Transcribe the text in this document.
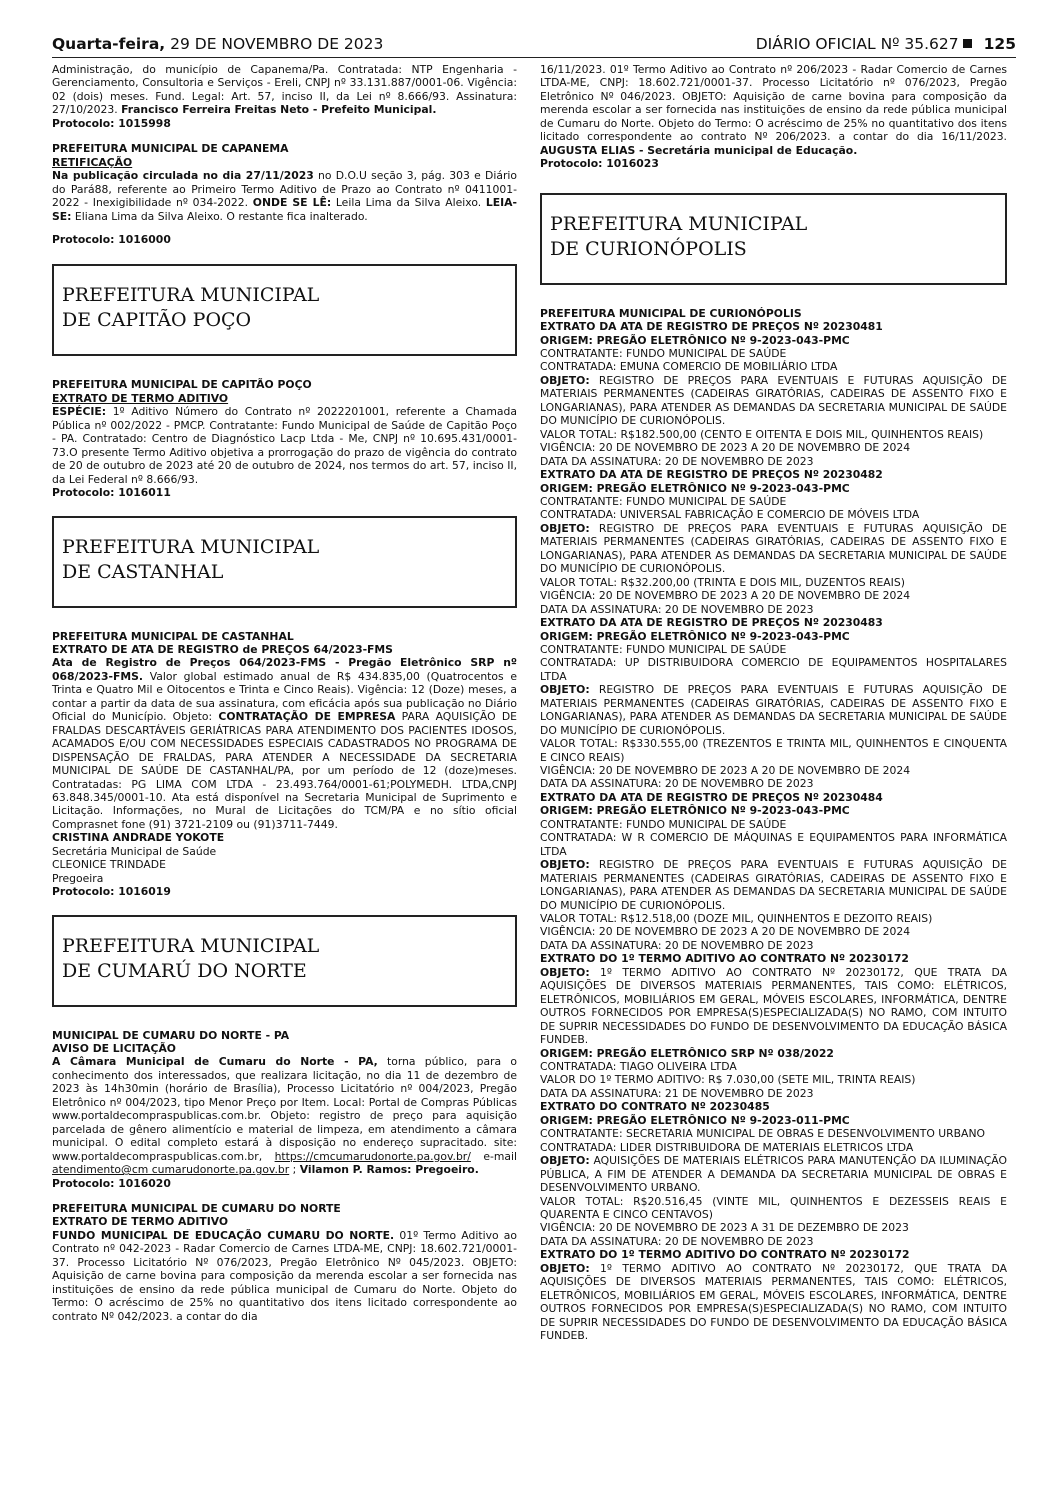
Quarta-feira, 29 DE NOVEMBRO DE 2023	DIÁRIO OFICIAL Nº 35.627 125

Administração, do município de Capanema/Pa. Contratada: NTP Engenharia - Gerenciamento, Consultoria e Serviços - Ereli, CNPJ nº 33.131.887/0001-06. Vigência: 02 (dois) meses. Fund. Legal: Art. 57, inciso II, da Lei nº 8.666/93. Assinatura: 27/10/2023. Francisco Ferreira Freitas Neto - Prefeito Municipal.

Protocolo: 1015998

PREFEITURA MUNICIPAL DE CAPANEMA

RETIFICAÇÃO

Na publicação circulada no dia 27/11/2023 no D.O.U seção 3, pág. 303 e Diário do Pará88, referente ao Primeiro Termo Aditivo de Prazo ao Contrato nº 0411001-2022 - Inexigibilidade nº 034-2022. ONDE SE LÊ: Leila Lima da Silva Aleixo. LEIA-SE: Eliana Lima da Silva Aleixo. O restante fica inalterado.

Protocolo: 1016000

PREFEITURA MUNICIPAL
DE CAPITÃO POÇO

PREFEITURA MUNICIPAL DE CAPITÃO POÇO

EXTRATO DE TERMO ADITIVO

ESPÉCIE: 1º Aditivo Número do Contrato nº 2022201001, referente a Chamada Pública nº 002/2022 - PMCP. Contratante: Fundo Municipal de Saúde de Capitão Poço - PA. Contratado: Centro de Diagnóstico Lacp Ltda - Me, CNPJ nº 10.695.431/0001-73.O presente Termo Aditivo objetiva a prorrogação do prazo de vigência do contrato de 20 de outubro de 2023 até 20 de outubro de 2024, nos termos do art. 57, inciso II, da Lei Federal nº 8.666/93.

Protocolo: 1016011

PREFEITURA MUNICIPAL
DE CASTANHAL

PREFEITURA MUNICIPAL DE CASTANHAL

EXTRATO DE ATA DE REGISTRO de PREÇOS 64/2023-FMS

Ata de Registro de Preços 064/2023-FMS - Pregão Eletrônico SRP nº 068/2023-FMS. Valor global estimado anual de R$ 434.835,00 (Quatrocentos e Trinta e Quatro Mil e Oitocentos e Trinta e Cinco Reais). Vigência: 12 (Doze) meses, a contar a partir da data de sua assinatura, com eficácia após sua publicação no Diário Oficial do Município. Objeto: CONTRATAÇÃO DE EMPRESA PARA AQUISIÇÃO DE FRALDAS DESCARTÁVEIS GERIÁTRICAS PARA ATENDIMENTO DOS PACIENTES IDOSOS, ACAMADOS E/OU COM NECESSIDADES ESPECIAIS CADASTRADOS NO PROGRAMA DE DISPENSAÇÃO DE FRALDAS, PARA ATENDER A NECESSIDADE DA SECRETARIA MUNICIPAL DE SAÚDE DE CASTANHAL/PA, por um período de 12 (doze)meses. Contratadas: PG LIMA COM LTDA - 23.493.764/0001-61;POLYMEDH. LTDA,CNPJ 63.848.345/0001-10. Ata está disponível na Secretaria Municipal de Suprimento e Licitação. Informações, no Mural de Licitações do TCM/PA e no sítio oficial Comprasnet fone (91) 3721-2109 ou (91)3711-7449.

CRISTINA ANDRADE YOKOTE

Secretária Municipal de Saúde

CLEONICE TRINDADE

Pregoeira

Protocolo: 1016019

PREFEITURA MUNICIPAL
DE CUMARÚ DO NORTE

MUNICIPAL DE CUMARU DO NORTE - PA

AVISO DE LICITAÇÃO

A Câmara Municipal de Cumaru do Norte - PA, torna público, para o conhecimento dos interessados, que realizara licitação, no dia 11 de dezembro de 2023 às 14h30min (horário de Brasília), Processo Licitatório nº 004/2023, Pregão Eletrônico nº 004/2023, tipo Menor Preço por Item. Local: Portal de Compras Públicas www.portaldecompraspublicas.com.br. Objeto: registro de preço para aquisição parcelada de gênero alimentício e material de limpeza, em atendimento a câmara municipal. O edital completo estará à disposição no endereço supracitado. site: www.portaldecompraspublicas.com.br, https://cmcumarudonorte.pa.gov.br/ e-mail atendimento@cm cumarudonorte.pa.gov.br ; Vilamon P. Ramos: Pregoeiro.

Protocolo: 1016020

PREFEITURA MUNICIPAL DE CUMARU DO NORTE

EXTRATO DE TERMO ADITIVO

FUNDO MUNICIPAL DE EDUCAÇÃO CUMARU DO NORTE. 01º Termo Aditivo ao Contrato nº 042-2023 - Radar Comercio de Carnes LTDA-ME, CNPJ: 18.602.721/0001-37. Processo Licitatório Nº 076/2023, Pregão Eletrônico Nº 045/2023. OBJETO: Aquisição de carne bovina para composição da merenda escolar a ser fornecida nas instituições de ensino da rede pública municipal de Cumaru do Norte. Objeto do Termo: O acréscimo de 25% no quantitativo dos itens licitado correspondente ao contrato Nº 042/2023. a contar do dia

16/11/2023. 01º Termo Aditivo ao Contrato nº 206/2023 - Radar Comercio de Carnes LTDA-ME, CNPJ: 18.602.721/0001-37. Processo Licitatório nº 076/2023, Pregão Eletrônico Nº 046/2023. OBJETO: Aquisição de carne bovina para composição da merenda escolar a ser fornecida nas instituições de ensino da rede pública municipal de Cumaru do Norte. Objeto do Termo: O acréscimo de 25% no quantitativo dos itens licitado correspondente ao contrato Nº 206/2023. a contar do dia 16/11/2023. AUGUSTA ELIAS - Secretária municipal de Educação.

Protocolo: 1016023

PREFEITURA MUNICIPAL
DE CURIONÓPOLIS

PREFEITURA MUNICIPAL DE CURIONÓPOLIS

EXTRATO DA ATA DE REGISTRO DE PREÇOS Nº 20230481

ORIGEM: PREGÃO ELETRÔNICO Nº 9-2023-043-PMC

CONTRATANTE: FUNDO MUNICIPAL DE SAÚDE

CONTRATADA: EMUNA COMERCIO DE MOBILIÁRIO LTDA

OBJETO: REGISTRO DE PREÇOS PARA EVENTUAIS E FUTURAS AQUISIÇÃO DE MATERIAIS PERMANENTES (CADEIRAS GIRATÓRIAS, CADEIRAS DE ASSENTO FIXO E LONGARIANAS), PARA ATENDER AS DEMANDAS DA SECRETARIA MUNICIPAL DE SAÚDE DO MUNICÍPIO DE CURIONÓPOLIS.

VALOR TOTAL: R$182.500,00 (CENTO E OITENTA E DOIS MIL, QUINHENTOS REAIS)

VIGÊNCIA: 20 DE NOVEMBRO DE 2023 A 20 DE NOVEMBRO DE 2024

DATA DA ASSINATURA: 20 DE NOVEMBRO DE 2023

EXTRATO DA ATA DE REGISTRO DE PREÇOS Nº 20230482

ORIGEM: PREGÃO ELETRÔNICO Nº 9-2023-043-PMC

CONTRATANTE: FUNDO MUNICIPAL DE SAÚDE

CONTRATADA: UNIVERSAL FABRICAÇÃO E COMERCIO DE MÓVEIS LTDA

OBJETO: REGISTRO DE PREÇOS PARA EVENTUAIS E FUTURAS AQUISIÇÃO DE MATERIAIS PERMANENTES (CADEIRAS GIRATÓRIAS, CADEIRAS DE ASSENTO FIXO E LONGARIANAS), PARA ATENDER AS DEMANDAS DA SECRETARIA MUNICIPAL DE SAÚDE DO MUNICÍPIO DE CURIONÓPOLIS.

VALOR TOTAL: R$32.200,00 (TRINTA E DOIS MIL, DUZENTOS REAIS)

VIGÊNCIA: 20 DE NOVEMBRO DE 2023 A 20 DE NOVEMBRO DE 2024

DATA DA ASSINATURA: 20 DE NOVEMBRO DE 2023

EXTRATO DA ATA DE REGISTRO DE PREÇOS Nº 20230483

ORIGEM: PREGÃO ELETRÔNICO Nº 9-2023-043-PMC

CONTRATANTE: FUNDO MUNICIPAL DE SAÚDE

CONTRATADA: UP DISTRIBUIDORA COMERCIO DE EQUIPAMENTOS HOSPITALARES LTDA

OBJETO: REGISTRO DE PREÇOS PARA EVENTUAIS E FUTURAS AQUISIÇÃO DE MATERIAIS PERMANENTES (CADEIRAS GIRATÓRIAS, CADEIRAS DE ASSENTO FIXO E LONGARIANAS), PARA ATENDER AS DEMANDAS DA SECRETARIA MUNICIPAL DE SAÚDE DO MUNICÍPIO DE CURIONÓPOLIS.

VALOR TOTAL: R$330.555,00 (TREZENTOS E TRINTA MIL, QUINHENTOS E CINQUENTA E CINCO REAIS)

VIGÊNCIA: 20 DE NOVEMBRO DE 2023 A 20 DE NOVEMBRO DE 2024

DATA DA ASSINATURA: 20 DE NOVEMBRO DE 2023

EXTRATO DA ATA DE REGISTRO DE PREÇOS Nº 20230484

ORIGEM: PREGÃO ELETRÔNICO Nº 9-2023-043-PMC

CONTRATANTE: FUNDO MUNICIPAL DE SAÚDE

CONTRATADA: W R COMERCIO DE MÁQUINAS E EQUIPAMENTOS PARA INFORMÁTICA LTDA

OBJETO: REGISTRO DE PREÇOS PARA EVENTUAIS E FUTURAS AQUISIÇÃO DE MATERIAIS PERMANENTES (CADEIRAS GIRATÓRIAS, CADEIRAS DE ASSENTO FIXO E LONGARIANAS), PARA ATENDER AS DEMANDAS DA SECRETARIA MUNICIPAL DE SAÚDE DO MUNICÍPIO DE CURIONÓPOLIS.

VALOR TOTAL: R$12.518,00 (DOZE MIL, QUINHENTOS E DEZOITO REAIS)

VIGÊNCIA: 20 DE NOVEMBRO DE 2023 A 20 DE NOVEMBRO DE 2024

DATA DA ASSINATURA: 20 DE NOVEMBRO DE 2023

EXTRATO DO 1º TERMO ADITIVO AO CONTRATO Nº 20230172

OBJETO: 1º TERMO ADITIVO AO CONTRATO Nº 20230172, QUE TRATA DA AQUISIÇÕES DE DIVERSOS MATERIAIS PERMANENTES, TAIS COMO: ELÉTRICOS, ELETRÔNICOS, MOBILIÁRIOS EM GERAL, MÓVEIS ESCOLARES, INFORMÁTICA, DENTRE OUTROS FORNECIDOS POR EMPRESA(S)ESPECIALIZADA(S) NO RAMO, COM INTUITO DE SUPRIR NECESSIDADES DO FUNDO DE DESENVOLVIMENTO DA EDUCAÇÃO BÁSICA FUNDEB.

ORIGEM: PREGÃO ELETRÔNICO SRP Nº 038/2022

CONTRATADA: TIAGO OLIVEIRA LTDA

VALOR DO 1º TERMO ADITIVO: R$ 7.030,00 (SETE MIL, TRINTA REAIS)

DATA DA ASSINATURA: 21 DE NOVEMBRO DE 2023

EXTRATO DO CONTRATO Nº 20230485

ORIGEM: PREGÃO ELETRÔNICO Nº 9-2023-011-PMC

CONTRATANTE: SECRETARIA MUNICIPAL DE OBRAS E DESENVOLVIMENTO URBANO

CONTRATADA: LIDER DISTRIBUIDORA DE MATERIAIS ELETRICOS LTDA

OBJETO: AQUISIÇÕES DE MATERIAIS ELÉTRICOS PARA MANUTENÇÃO DA ILUMINAÇÃO PÚBLICA, A FIM DE ATENDER A DEMANDA DA SECRETARIA MUNICIPAL DE OBRAS E DESENVOLVIMENTO URBANO.

VALOR TOTAL: R$20.516,45 (VINTE MIL, QUINHENTOS E DEZESSEIS REAIS E QUARENTA E CINCO CENTAVOS)

VIGÊNCIA: 20 DE NOVEMBRO DE 2023 A 31 DE DEZEMBRO DE 2023

DATA DA ASSINATURA: 20 DE NOVEMBRO DE 2023

EXTRATO DO 1º TERMO ADITIVO DO CONTRATO Nº 20230172

OBJETO: 1º TERMO ADITIVO AO CONTRATO Nº 20230172, QUE TRATA DA AQUISIÇÕES DE DIVERSOS MATERIAIS PERMANENTES, TAIS COMO: ELÉTRICOS, ELETRÔNICOS, MOBILIÁRIOS EM GERAL, MÓVEIS ESCOLARES, INFORMÁTICA, DENTRE OUTROS FORNECIDOS POR EMPRESA(S)ESPECIALIZADA(S) NO RAMO, COM INTUITO DE SUPRIR NECESSIDADES DO FUNDO DE DESENVOLVIMENTO DA EDUCAÇÃO BÁSICA FUNDEB.
